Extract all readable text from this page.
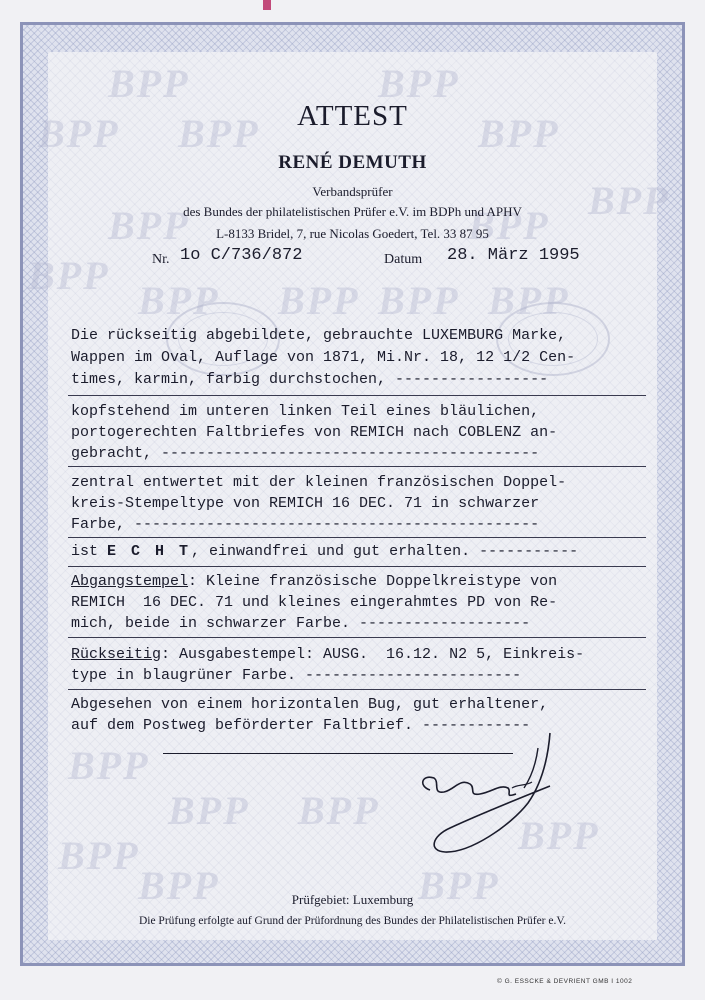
BPP	BPP
BPP BPP	BPP
BPP	BPP
BPP
BPP
BPP BPP BPP BPP
BPP
BPP BPP
BPP
BPP	BPP
BPP
ATTEST
RENÉ DEMUTH
Verbandsprüfer
des Bundes der philatelistischen Prüfer e.V. im BDPh und APHV
L-8133 Bridel, 7, rue Nicolas Goedert, Tel. 33 87 95
Nr. 1o C/736/872	Datum 28. März 1995
Die rückseitig abgebildete, gebrauchte LUXEMBURG Marke,
Wappen im Oval, Auflage von 1871, Mi.Nr. 18, 12 1/2 Cen-
times, karmin, farbig durchstochen, -----------------
kopfstehend im unteren linken Teil eines bläulichen,
portogerechten Faltbriefes von REMICH nach COBLENZ an-
gebracht, ------------------------------------------
zentral entwertet mit der kleinen französischen Doppel-
kreis-Stempeltype von REMICH 16 DEC. 71 in schwarzer
Farbe, ---------------------------------------------
ist E C H T, einwandfrei und gut erhalten. -----------
Abgangstempel: Kleine französische Doppelkreistype von
REMICH  16 DEC. 71 und kleines eingerahmtes PD von Re-
mich, beide in schwarzer Farbe. -------------------
Rückseitig: Ausgabestempel: AUSG.  16.12. N2 5, Einkreis-
type in blaugrüner Farbe. ------------------------
Abgesehen von einem horizontalen Bug, gut erhaltener,
auf dem Postweg beförderter Faltbrief. ------------
Prüfgebiet: Luxemburg
Die Prüfung erfolgte auf Grund der Prüfordnung des Bundes der Philatelistischen Prüfer e.V.
© G. ESSCKE & DEVRIENT GMB I 1002
